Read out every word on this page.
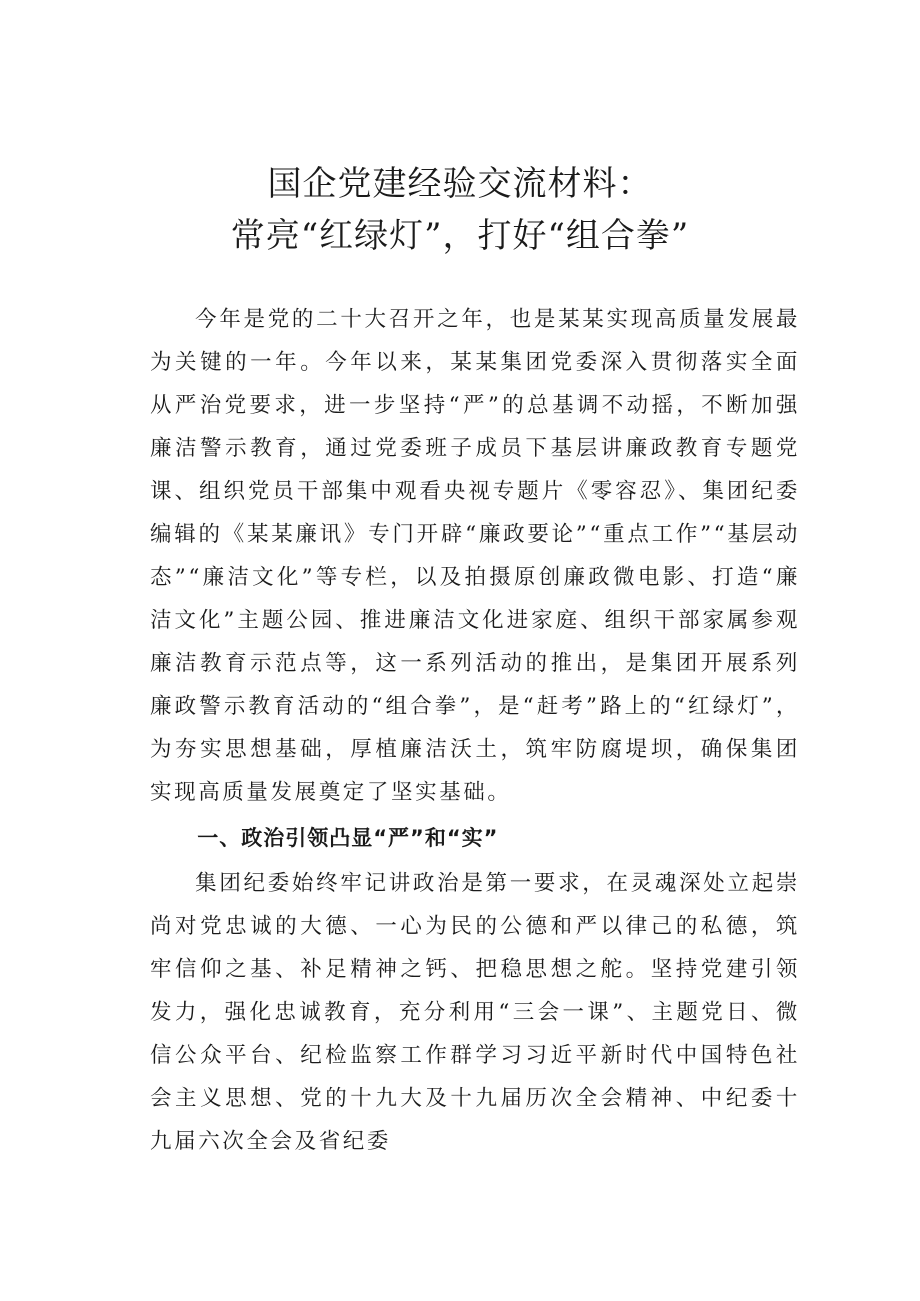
国企党建经验交流材料：
常亮“红绿灯”，打好“组合拳”

今年是党的二十大召开之年，也是某某实现高质量发展最为关键的一年。今年以来，某某集团党委深入贯彻落实全面从严治党要求，进一步坚持“严”的总基调不动摇，不断加强廉洁警示教育，通过党委班子成员下基层讲廉政教育专题党课、组织党员干部集中观看央视专题片《零容忍》、集团纪委编辑的《某某廉讯》专门开辟“廉政要论”“重点工作”“基层动态”“廉洁文化”等专栏，以及拍摄原创廉政微电影、打造“廉洁文化”主题公园、推进廉洁文化进家庭、组织干部家属参观廉洁教育示范点等，这一系列活动的推出，是集团开展系列廉政警示教育活动的“组合拳”，是“赶考”路上的“红绿灯”，为夯实思想基础，厚植廉洁沃土，筑牢防腐堤坝，确保集团实现高质量发展奠定了坚实基础。

一、政治引领凸显“严”和“实”

集团纪委始终牢记讲政治是第一要求，在灵魂深处立起崇尚对党忠诚的大德、一心为民的公德和严以律己的私德，筑牢信仰之基、补足精神之钙、把稳思想之舵。坚持党建引领发力，强化忠诚教育，充分利用“三会一课”、主题党日、微信公众平台、纪检监察工作群学习习近平新时代中国特色社会主义思想、党的十九大及十九届历次全会精神、中纪委十九届六次全会及省纪委
